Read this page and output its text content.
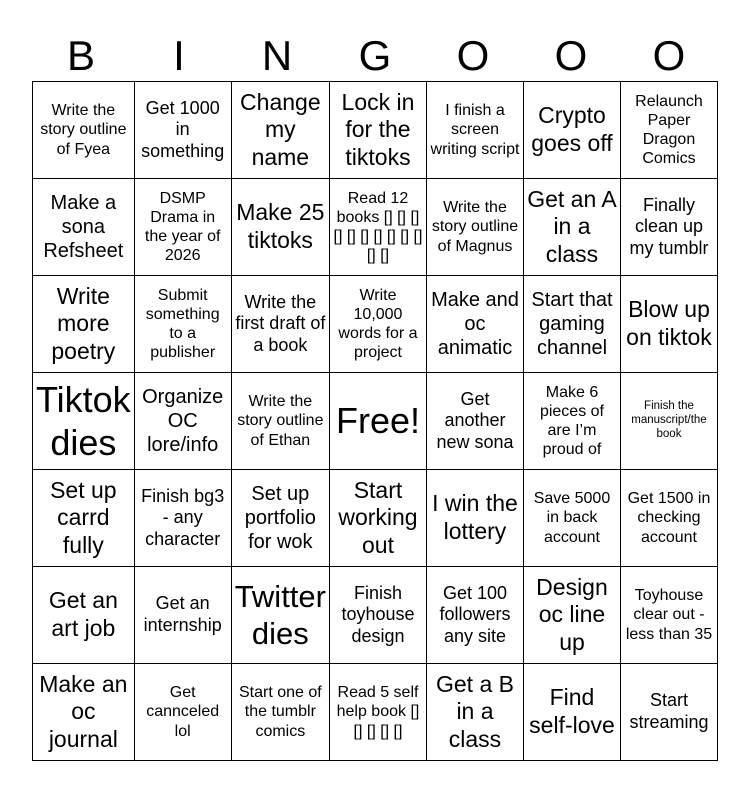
B	I	N	G	O	O	O
Write the story outline of Fyea	Get 1000 in something	Change my name	Lock in for the tiktoks	I finish a screen writing script	Crypto goes off	Relaunch Paper Dragon Comics
Make a sona Refsheet	DSMP Drama in the year of 2026	Make 25 tiktoks	Read 12 books [] [] [] [] [] [] [] [] [] [] [] []	Write the story outline of Magnus	Get an A in a class	Finally clean up my tumblr
Write more poetry	Submit something to a publisher	Write the first draft of a book	Write 10,000 words for a project	Make and oc animatic	Start that gaming channel	Blow up on tiktok
Tiktok dies	Organize OC lore/info	Write the story outline of Ethan	Free!	Get another new sona	Make 6 pieces of are I’m proud of	Finish the manuscript/the book
Set up carrd fully	Finish bg3 - any character	Set up portfolio for wok	Start working out	I win the lottery	Save 5000 in back account	Get 1500 in checking account
Get an art job	Get an internship	Twitter dies	Finish toyhouse design	Get 100 followers any site	Design oc line up	Toyhouse clear out - less than 35
Make an oc journal	Get cannceled lol	Start one of the tumblr comics	Read 5 self help book [] [] [] [] []	Get a B in a class	Find self-love	Start streaming
